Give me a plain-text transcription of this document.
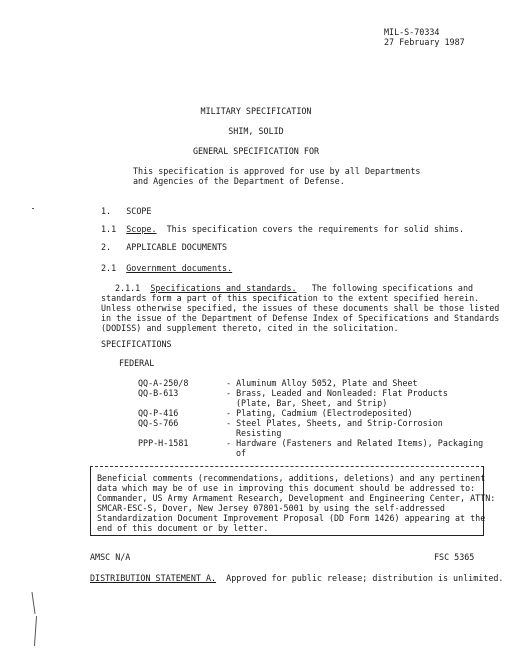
MIL-S-70334
27 February 1987
MILITARY SPECIFICATION
SHIM, SOLID
GENERAL SPECIFICATION FOR
This specification is approved for use by all Departments
and Agencies of the Department of Defense.
1. SCOPE
1.1 Scope. This specification covers the requirements for solid shims.
2. APPLICABLE DOCUMENTS
2.1 Government documents.
2.1.1 Specifications and standards. The following specifications and
standards form a part of this specification to the extent specified herein.
Unless otherwise specified, the issues of these documents shall be those listed
in the issue of the Department of Defense Index of Specifications and Standards
(DODISS) and supplement thereto, cited in the solicitation.
SPECIFICATIONS
FEDERAL
QQ-A-250/8	- Aluminum Alloy 5052, Plate and Sheet
QQ-B-613	- Brass, Leaded and Nonleaded: Flat Products
(Plate, Bar, Sheet, and Strip)
QQ-P-416	- Plating, Cadmium (Electrodeposited)
QQ-S-766	- Steel Plates, Sheets, and Strip-Corrosion
Resisting
PPP-H-1581	- Hardware (Fasteners and Related Items), Packaging
of
Beneficial comments (recommendations, additions, deletions) and any pertinent
data which may be of use in improving this document should be addressed to:
Commander, US Army Armament Research, Development and Engineering Center, ATTN:
SMCAR-ESC-S, Dover, New Jersey 07801-5001 by using the self-addressed
Standardization Document Improvement Proposal (DD Form 1426) appearing at the
end of this document or by letter.
AMSC N/A	FSC 5365
DISTRIBUTION STATEMENT A. Approved for public release; distribution is unlimited.
